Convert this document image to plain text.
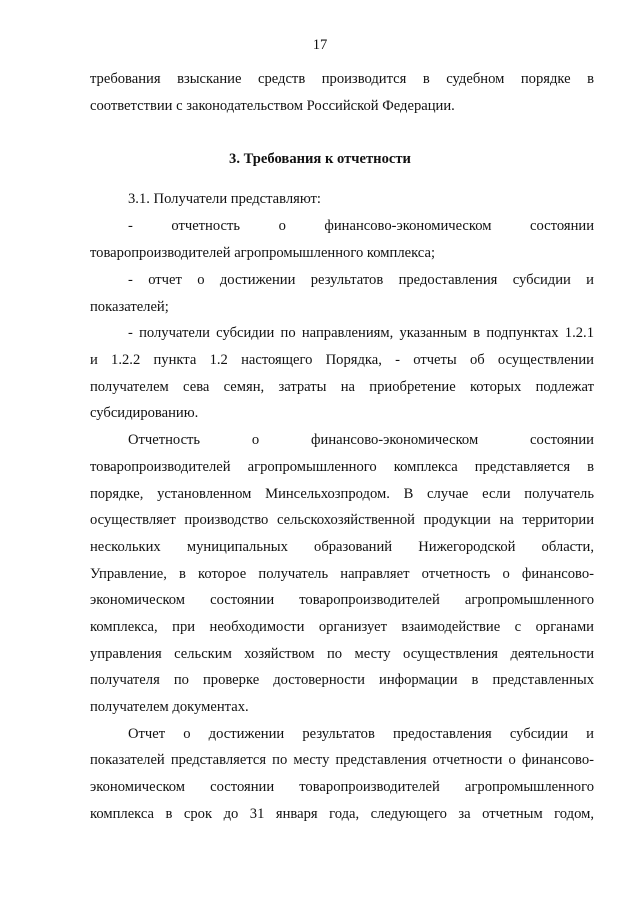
17
требования взыскание средств производится в судебном порядке в
соответствии с законодательством Российской Федерации.
3. Требования к отчетности
3.1. Получатели представляют:
- отчетность о финансово-экономическом состоянии
товаропроизводителей агропромышленного комплекса;
- отчет о достижении результатов предоставления субсидии и
показателей;
- получатели субсидии по направлениям, указанным в подпунктах 1.2.1
и 1.2.2 пункта 1.2 настоящего Порядка, - отчеты об осуществлении
получателем сева семян, затраты на приобретение которых подлежат
субсидированию.
Отчетность о финансово-экономическом состоянии
товаропроизводителей агропромышленного комплекса представляется в
порядке, установленном Минсельхозпродом. В случае если получатель
осуществляет производство сельскохозяйственной продукции на территории
нескольких муниципальных образований Нижегородской области,
Управление, в которое получатель направляет отчетность о финансово-
экономическом состоянии товаропроизводителей агропромышленного
комплекса, при необходимости организует взаимодействие с органами
управления сельским хозяйством по месту осуществления деятельности
получателя по проверке достоверности информации в представленных
получателем документах.
Отчет о достижении результатов предоставления субсидии и
показателей представляется по месту представления отчетности о финансово-
экономическом состоянии товаропроизводителей агропромышленного
комплекса в срок до 31 января года, следующего за отчетным годом,
